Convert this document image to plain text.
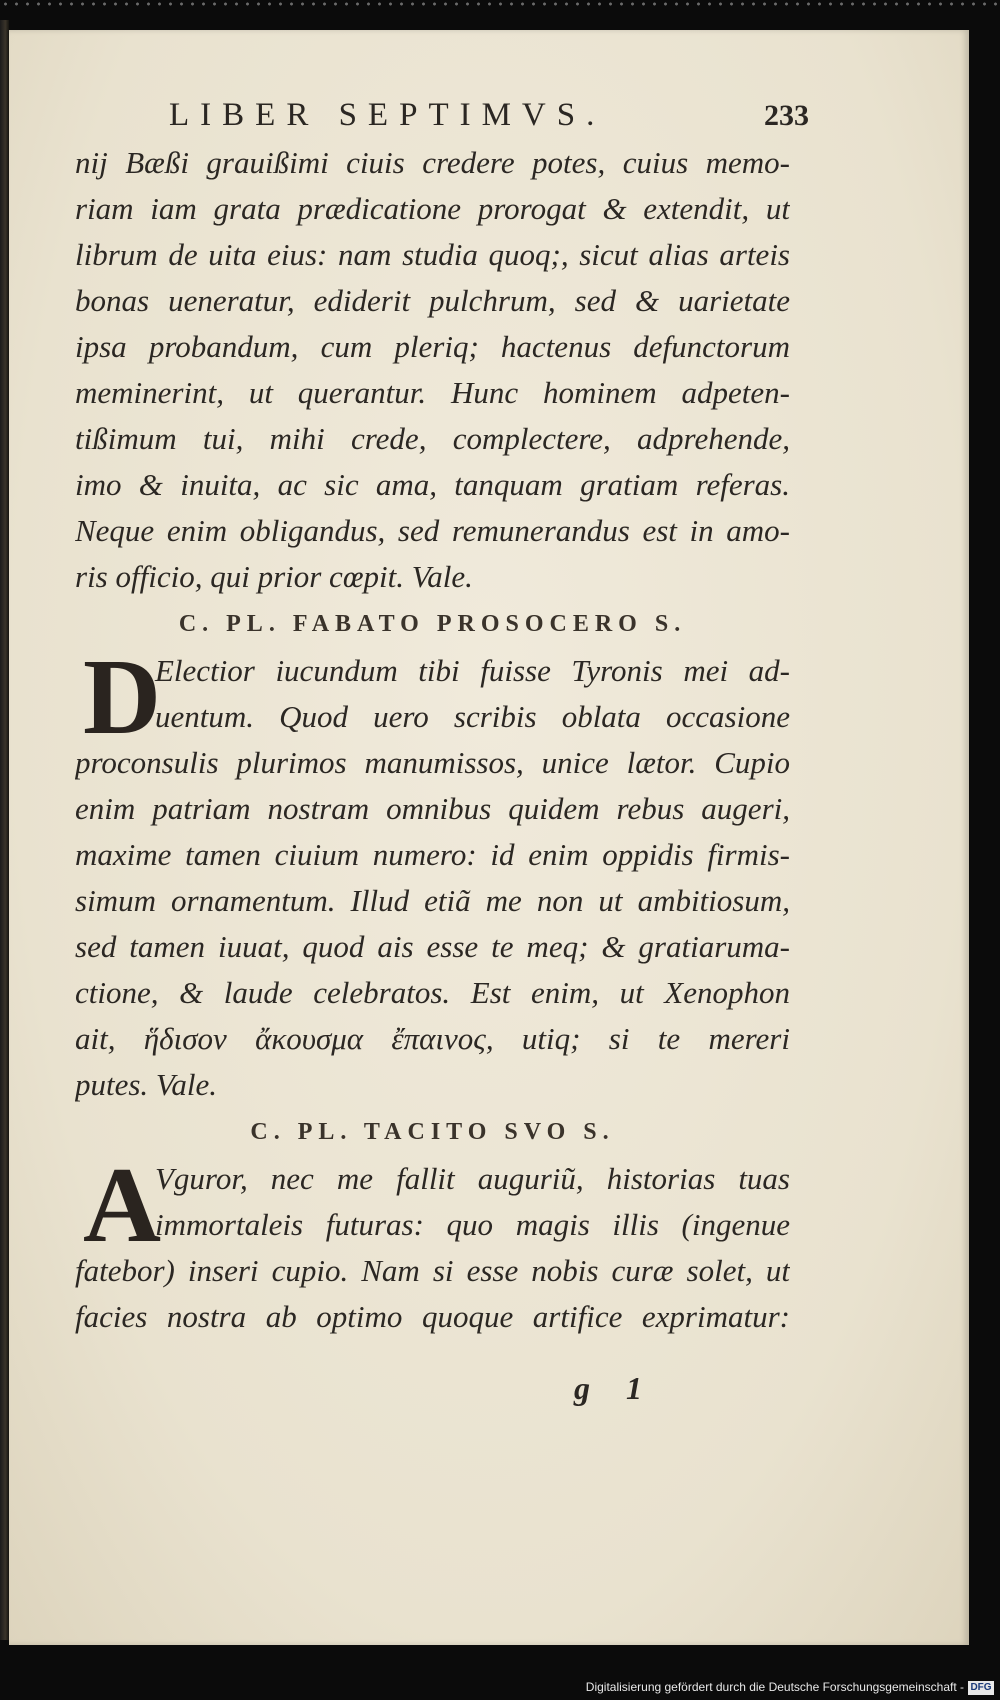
LIBER SEPTIMVS.	233
nij Bæßi grauißimi ciuis credere potes, cuius memo-
riam iam grata prædicatione prorogat & extendit, ut
librum de uita eius: nam studia quoq;, sicut alias arteis
bonas ueneratur, ediderit pulchrum, sed & uarietate
ipsa probandum, cum pleriq; hactenus defunctorum
meminerint, ut querantur. Hunc hominem adpeten-
tißimum tui, mihi crede, complectere, adprehende,
imo & inuita, ac sic ama, tanquam gratiam referas.
Neque enim obligandus, sed remunerandus est in amo-
ris officio, qui prior cœpit. Vale.
C. PL. FABATO PROSOCERO S.
D
Electior iucundum tibi fuisse Tyronis mei ad-
uentum. Quod uero scribis oblata occasione
proconsulis plurimos manumissos, unice lætor. Cupio
enim patriam nostram omnibus quidem rebus augeri,
maxime tamen ciuium numero: id enim oppidis firmis-
simum ornamentum. Illud etiã me non ut ambitiosum,
sed tamen iuuat, quod ais esse te meq; & gratiaruma-
ctione, & laude celebratos. Est enim, ut Xenophon
ait, ἥδισον ἄκουσμα ἔπαινος, utiq; si te mereri
putes. Vale.
C. PL. TACITO SVO S.
A
Vguror, nec me fallit auguriũ, historias tuas
immortaleis futuras: quo magis illis (ingenue
fatebor) inseri cupio. Nam si esse nobis curæ solet, ut
facies nostra ab optimo quoque artifice exprimatur:
g 1
Digitalisierung gefördert durch die Deutsche Forschungsgemeinschaft - DFG
